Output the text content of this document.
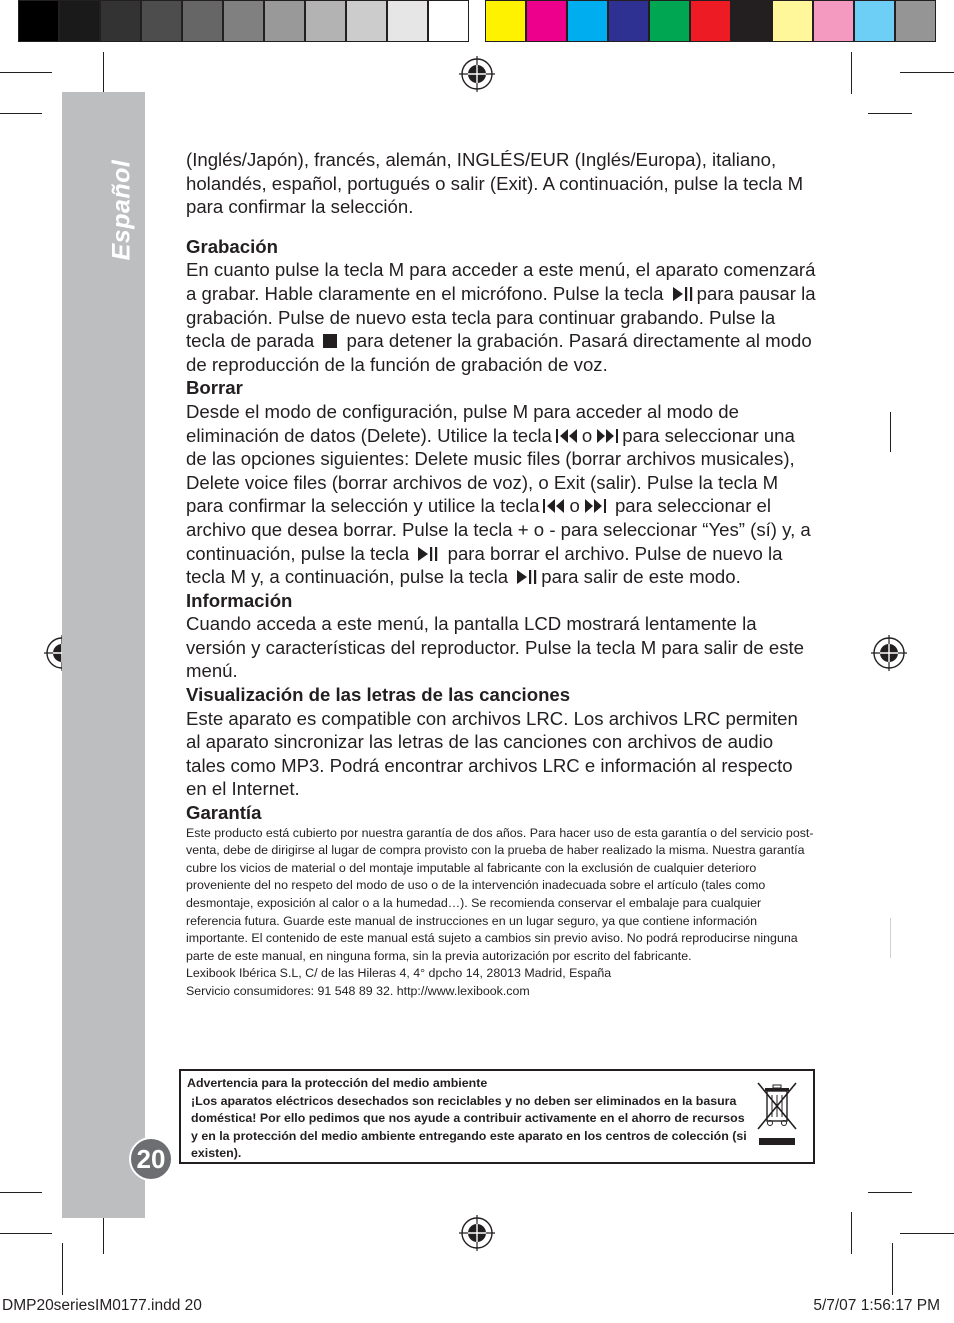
Español
20

(Inglés/Japón), francés, alemán, INGLÉS/EUR (Inglés/Europa), italiano, holandés, español, portugués o salir (Exit). A continuación, pulse la tecla M para confirmar la selección.

Grabación

En cuanto pulse la tecla M para acceder a este menú, el aparato comenzará a grabar. Hable claramente en el micrófono. Pulse la tecla para pausar la grabación. Pulse de nuevo esta tecla para continuar grabando. Pulse la tecla de parada para detener la grabación. Pasará directamente al modo de reproducción de la función de grabación de voz.

Borrar

Desde el modo de configuración, pulse M para acceder al modo de eliminación de datos (Delete). Utilice la tecla o para seleccionar una de las opciones siguientes: Delete music files (borrar archivos musicales), Delete voice files (borrar archivos de voz), o Exit (salir). Pulse la tecla M para confirmar la selección y utilice la tecla o para seleccionar el archivo que desea borrar. Pulse la tecla + o - para seleccionar “Yes” (sí) y, a continuación, pulse la tecla para borrar el archivo. Pulse de nuevo la tecla M y, a continuación, pulse la tecla para salir de este modo.

Información

Cuando acceda a este menú, la pantalla LCD mostrará lentamente la versión y características del reproductor. Pulse la tecla M para salir de este menú.

Visualización de las letras de las canciones

Este aparato es compatible con archivos LRC. Los archivos LRC permiten al aparato sincronizar las letras de las canciones con archivos de audio tales como MP3. Podrá encontrar archivos LRC e información al respecto en el Internet.

Garantía

Este producto está cubierto por nuestra garantía de dos años. Para hacer uso de esta garantía o del servicio post-venta, debe de dirigirse al lugar de compra provisto con la prueba de haber realizado la misma. Nuestra garantía cubre los vicios de material o del montaje imputable al fabricante con la exclusión de cualquier deterioro proveniente del no respeto del modo de uso o de la intervención inadecuada sobre el artículo (tales como desmontaje, exposición al calor o a la humedad…). Se recomienda conservar el embalaje para cualquier referencia futura. Guarde este manual de instrucciones en un lugar seguro, ya que contiene información importante. El contenido de este manual está sujeto a cambios sin previo aviso. No podrá reproducirse ninguna parte de este manual, en ninguna forma, sin la previa autorización por escrito del fabricante.

Lexibook Ibérica S.L, C/ de las Hileras 4, 4° dpcho 14, 28013 Madrid, España

Servicio consumidores: 91 548 89 32. http://www.lexibook.com

Advertencia para la protección del medio ambiente
¡Los aparatos eléctricos desechados son reciclables y no deben ser eliminados en la basura doméstica! Por ello pedimos que nos ayude a contribuir activamente en el ahorro de recursos y en la protección del medio ambiente entregando este aparato en los centros de colección (si existen).
DMP20seriesIM0177.indd 20	5/7/07 1:56:17 PM
